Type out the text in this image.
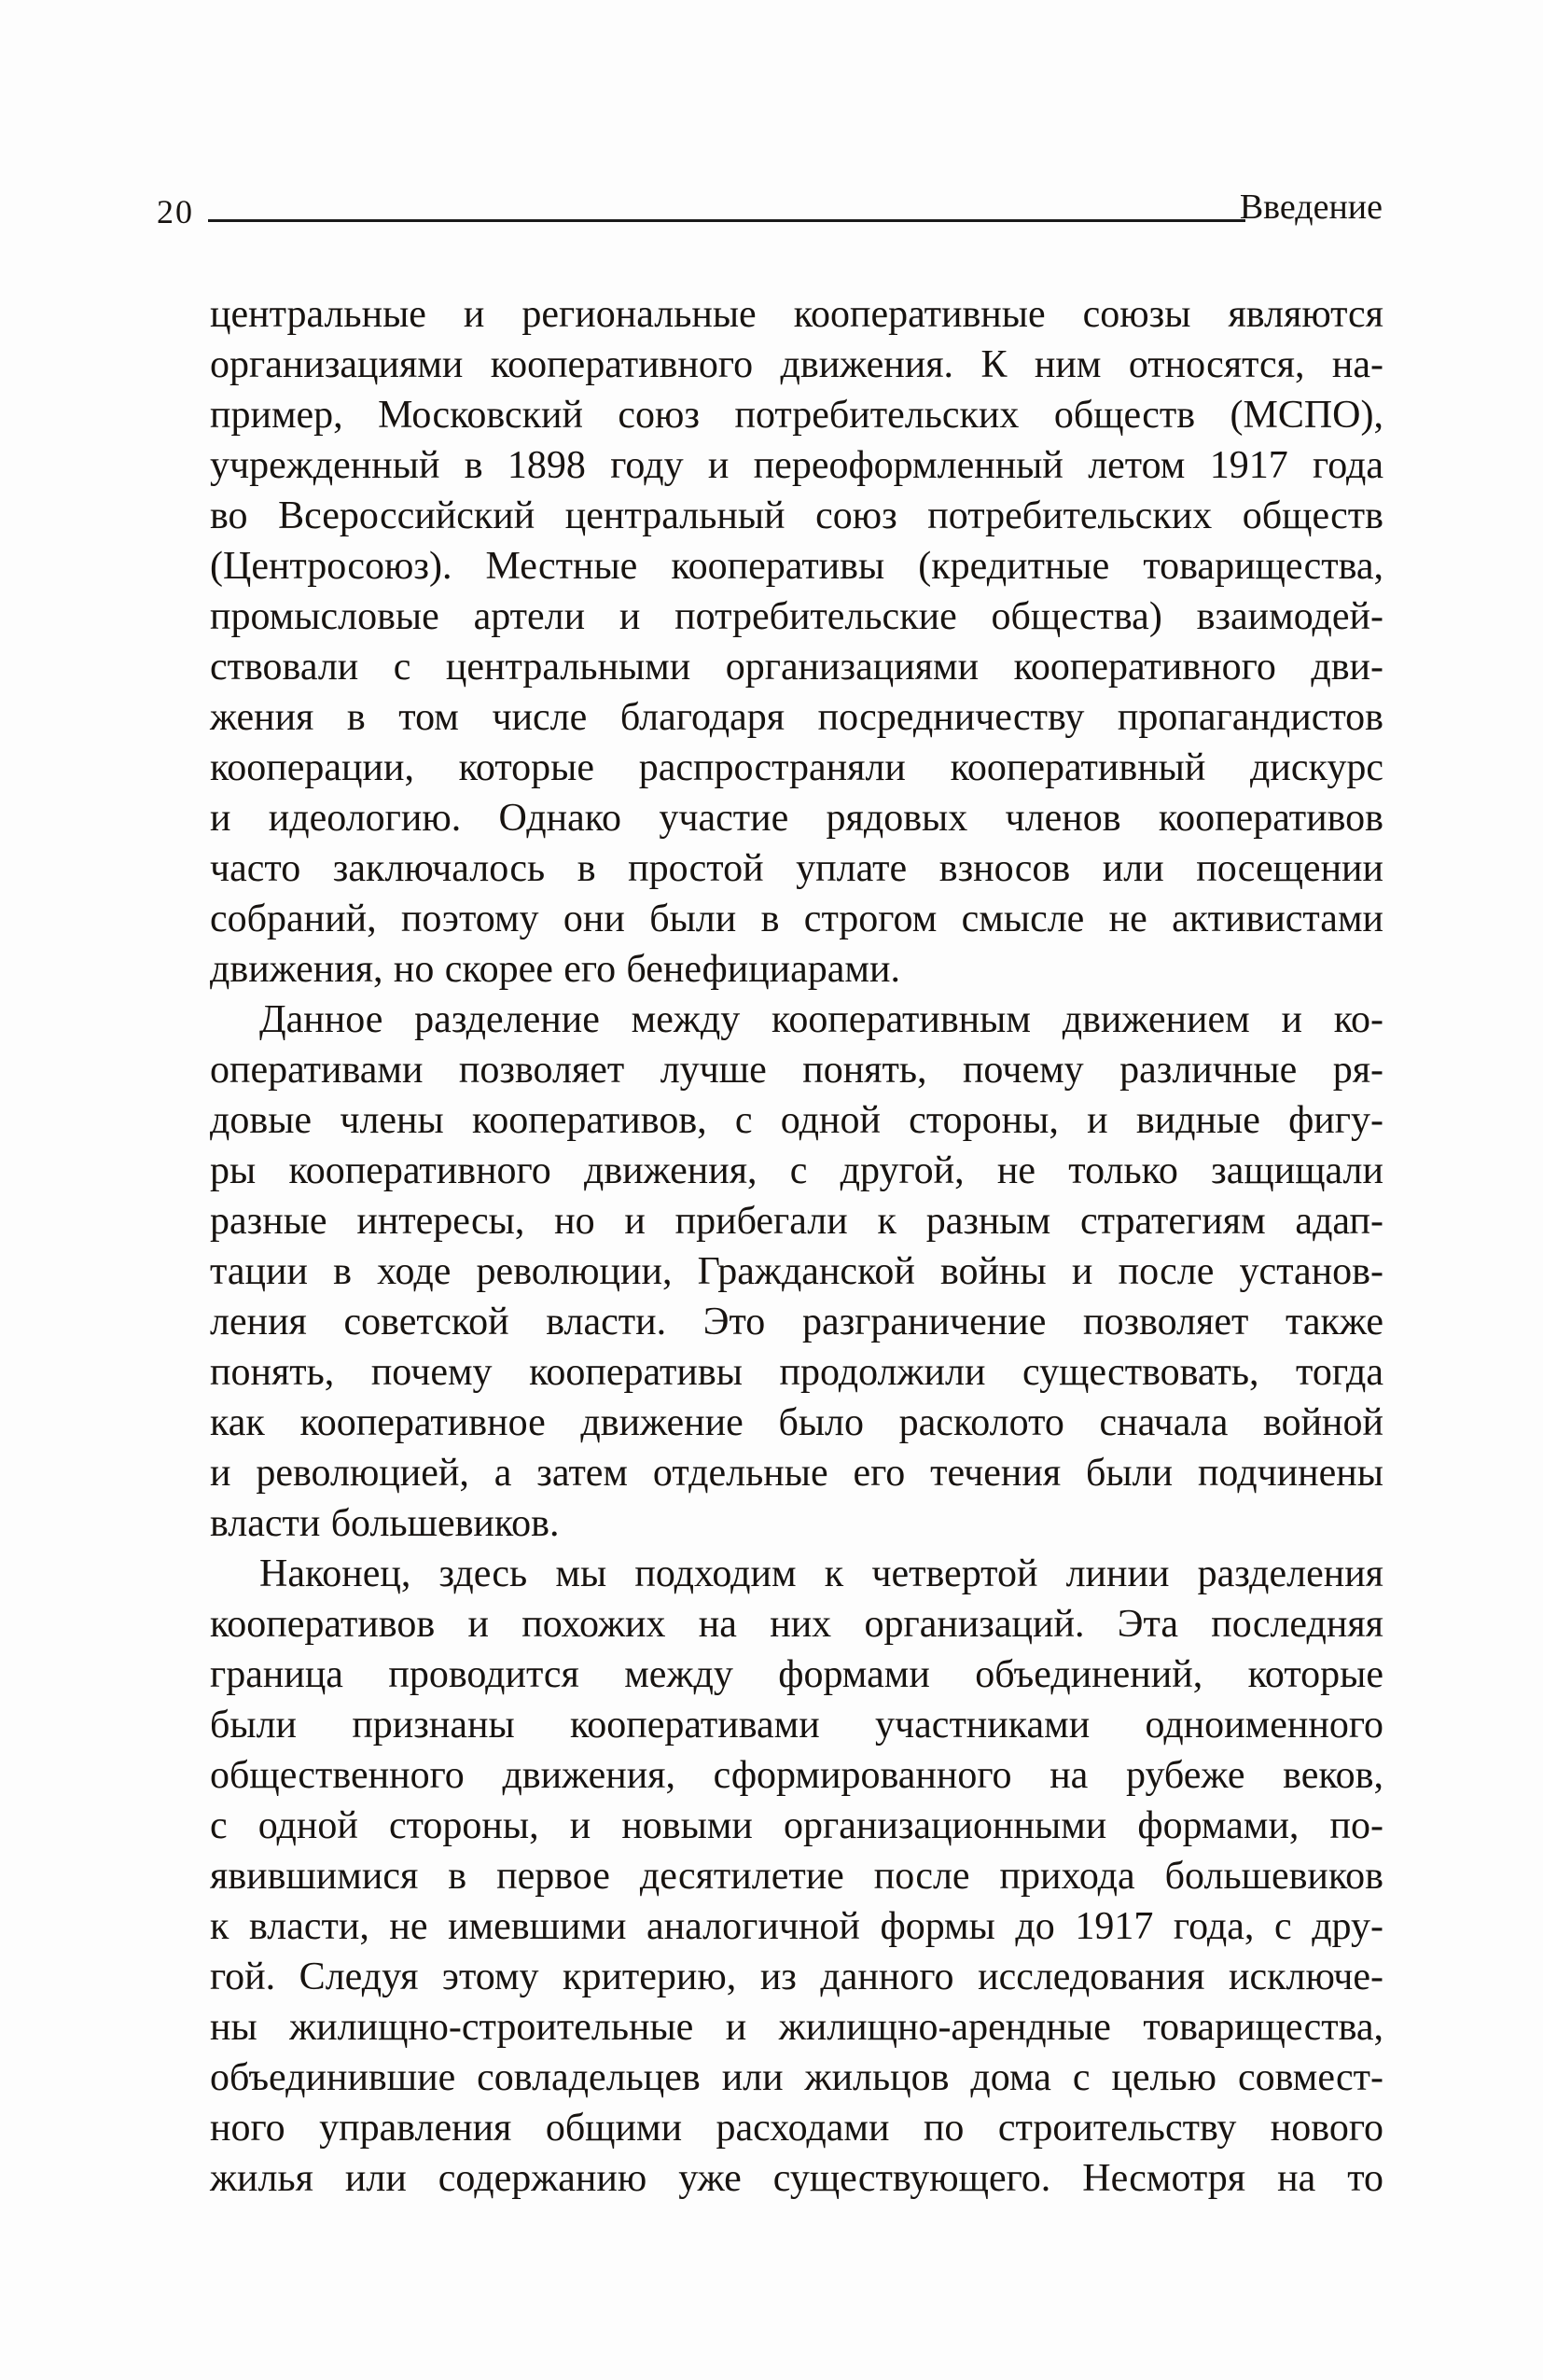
20	Введение
центральные и региональные кооперативные союзы являются
организациями кооперативного движения. К ним относятся, на-
пример, Московский союз потребительских обществ (МСПО),
учрежденный в 1898 году и переоформленный летом 1917 года
во Всероссийский центральный союз потребительских обществ
(Центросоюз). Местные кооперативы (кредитные товарищества,
промысловые артели и потребительские общества) взаимодей-
ствовали с центральными организациями кооперативного дви-
жения в том числе благодаря посредничеству пропагандистов
кооперации, которые распространяли кооперативный дискурс
и идеологию. Однако участие рядовых членов кооперативов
часто заключалось в простой уплате взносов или посещении
собраний, поэтому они были в строгом смысле не активистами
движения, но скорее его бенефициарами.
Данное разделение между кооперативным движением и ко-
оперативами позволяет лучше понять, почему различные ря-
довые члены кооперативов, с одной стороны, и видные фигу-
ры кооперативного движения, с другой, не только защищали
разные интересы, но и прибегали к разным стратегиям адап-
тации в ходе революции, Гражданской войны и после установ-
ления советской власти. Это разграничение позволяет также
понять, почему кооперативы продолжили существовать, тогда
как кооперативное движение было расколото сначала войной
и революцией, а затем отдельные его течения были подчинены
власти большевиков.
Наконец, здесь мы подходим к четвертой линии разделения
кооперативов и похожих на них организаций. Эта последняя
граница проводится между формами объединений, которые
были признаны кооперативами участниками одноименного
общественного движения, сформированного на рубеже веков,
с одной стороны, и новыми организационными формами, по-
явившимися в первое десятилетие после прихода большевиков
к власти, не имевшими аналогичной формы до 1917 года, с дру-
гой. Следуя этому критерию, из данного исследования исключе-
ны жилищно-строительные и жилищно-арендные товарищества,
объединившие совладельцев или жильцов дома с целью совмест-
ного управления общими расходами по строительству нового
жилья или содержанию уже существующего. Несмотря на то
